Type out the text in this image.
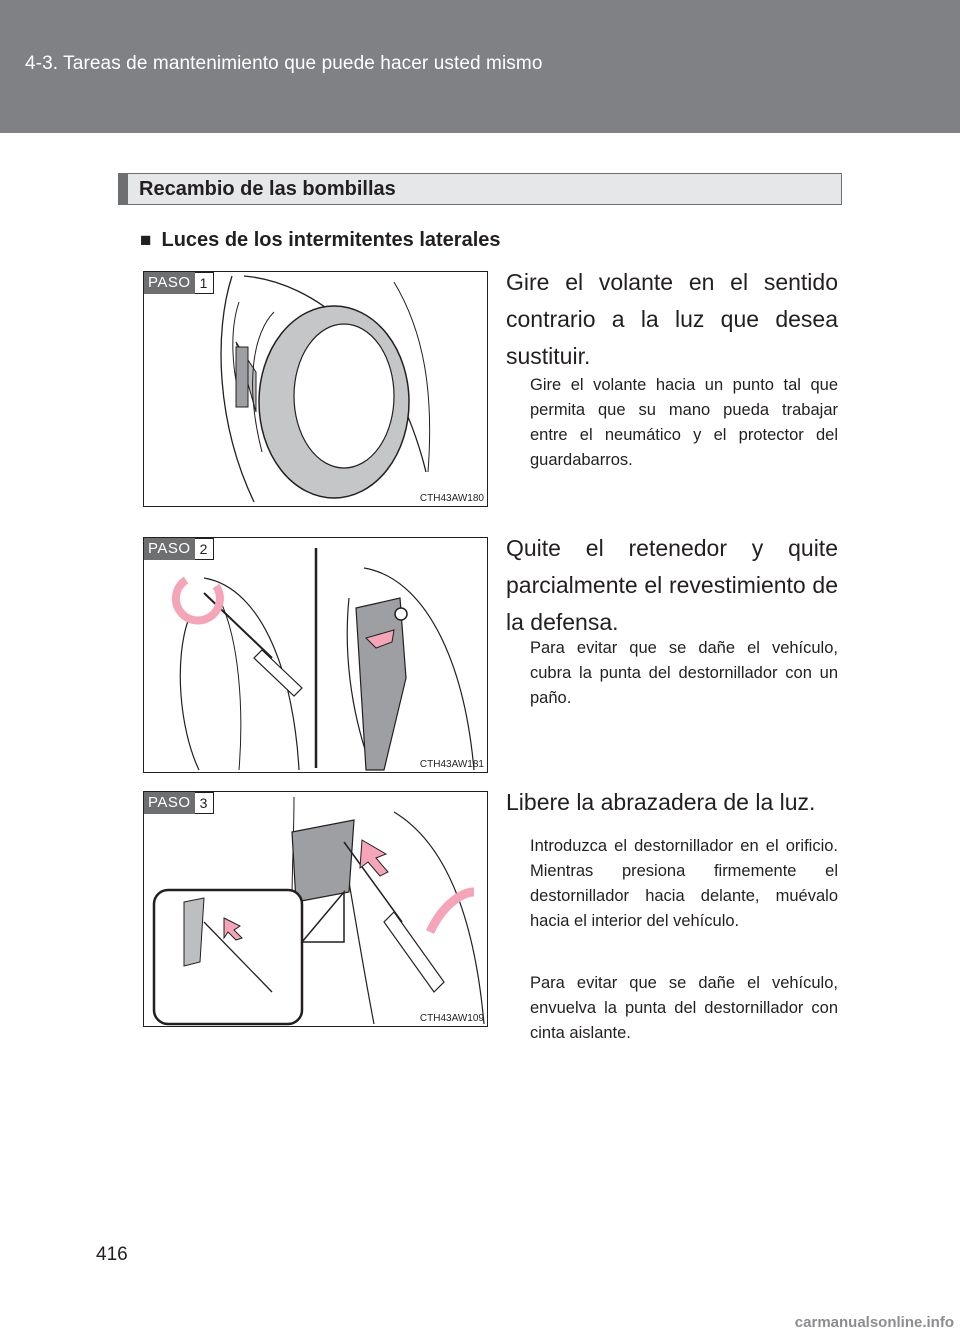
4-3. Tareas de mantenimiento que puede hacer usted mismo
Recambio de las bombillas
■ Luces de los intermitentes laterales
PASO 1
CTH43AW180
Gire el volante en el sentido contrario a la luz que desea sustituir.
Gire el volante hacia un punto tal que permita que su mano pueda trabajar entre el neumático y el protector del guardabarros.
PASO 2
CTH43AW181
Quite el retenedor y quite parcialmente el revestimiento de la defensa.
Para evitar que se dañe el vehículo, cubra la punta del destornillador con un paño.
PASO 3
CTH43AW109
Libere la abrazadera de la luz.
Introduzca el destornillador en el orificio. Mientras presiona firmemente el destornillador hacia delante, muévalo hacia el interior del vehículo.
Para evitar que se dañe el vehículo, envuelva la punta del destornillador con cinta aislante.
416
carmanualsonline.info
